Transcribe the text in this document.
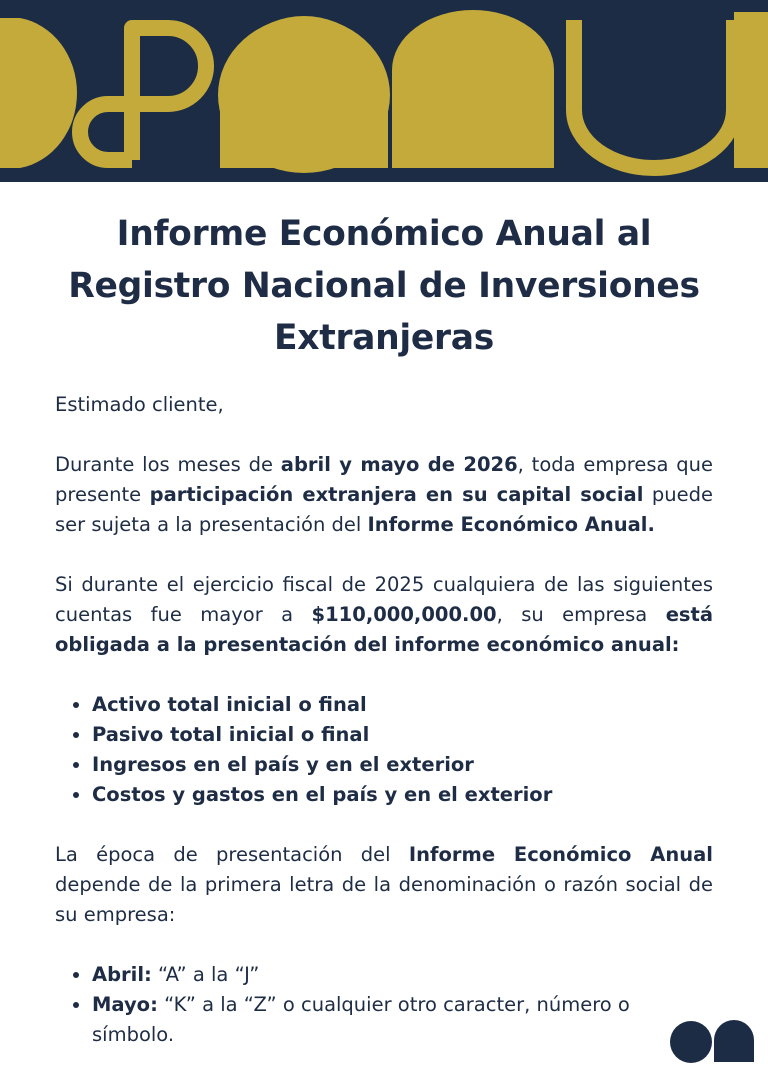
Informe Económico Anual al
Registro Nacional de Inversiones
Extranjeras

Estimado cliente,

Durante los meses de abril y mayo de 2026, toda empresa que presente participación extranjera en su capital social puede ser sujeta a la presentación del Informe Económico Anual.

Si durante el ejercicio fiscal de 2025 cualquiera de las siguientes cuentas fue mayor a $110,000,000.00, su empresa está obligada a la presentación del informe económico anual:

• Activo total inicial o final
• Pasivo total inicial o final
• Ingresos en el país y en el exterior
• Costos y gastos en el país y en el exterior

La época de presentación del Informe Económico Anual depende de la primera letra de la denominación o razón social de su empresa:

• Abril: “A” a la “J”
• Mayo: “K” a la “Z” o cualquier otro caracter, número o símbolo.
